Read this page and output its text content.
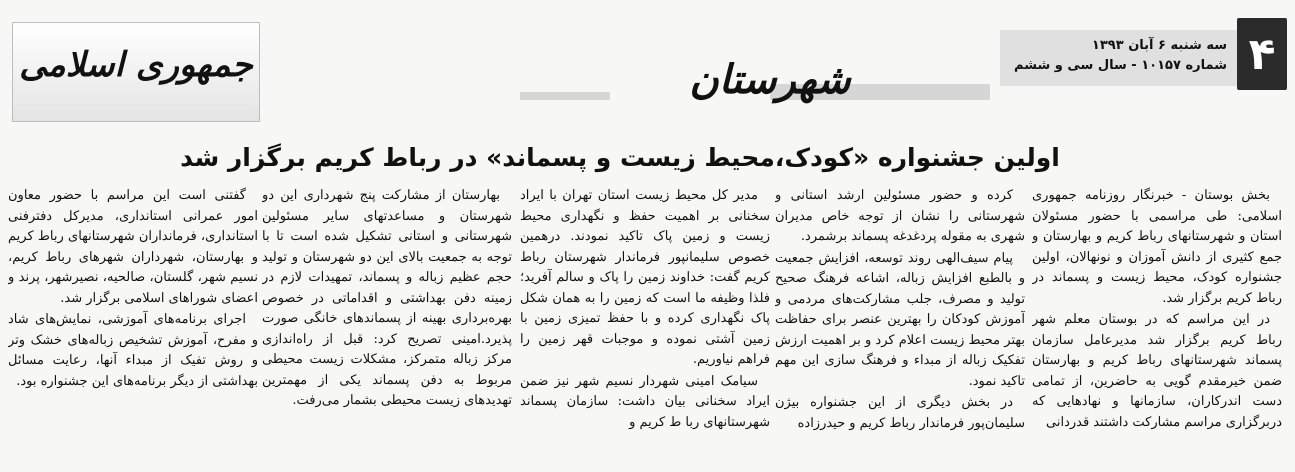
۴
سه شنبه ۶ آبان ۱۳۹۳
شماره ۱۰۱۵۷ - سال سی و ششم
شهرستان
جمهوری اسلامی
اولین جشنواره «کودک،محیط زیست و پسماند» در رباط کریم برگزار شد

بخش بوستان - خبرنگار روزنامه جمهوری اسلامی: طی مراسمی با حضور مسئولان استان و شهرستانهای رباط کریم و بهارستان و جمع کثیری از دانش آموزان و نونهالان، اولین جشنواره کودک، محیط زیست و پسماند در رباط کریم برگزار شد.

در این مراسم که در بوستان معلم شهر رباط کریم برگزار شد مدیرعامل سازمان پسماند شهرستانهای رباط کریم و بهارستان ضمن خیرمقدم گویی به حاضرین، از تمامی دست اندرکاران، سازمانها و نهادهایی که دربرگزاری مراسم مشارکت داشتند قدردانی

کرده و حضور مسئولین ارشد استانی و شهرستانی را نشان از توجه خاص مدیران شهری به مقوله پردغدغه پسماند برشمرد.

پیام سیف‌الهی روند توسعه، افزایش جمعیت و بالطبع افزایش زباله، اشاعه فرهنگ صحیح تولید و مصرف، جلب مشارکت‌های مردمی و آموزش کودکان را بهترین عنصر برای حفاظت بهتر محیط زیست اعلام کرد و بر اهمیت ارزش تفکیک زباله از مبداء و فرهنگ سازی این مهم تاکید نمود.

در بخش دیگری از این جشنواره بیژن سلیمان‌پور فرماندار رباط کریم و حیدرزاده

مدیر کل محیط زیست استان تهران با ایراد سخنانی بر اهمیت حفظ و نگهداری محیط زیست و زمین پاک تاکید نمودند. درهمین خصوص سلیمانپور فرماندار شهرستان رباط کریم گفت: خداوند زمین را پاک و سالم آفرید؛ فلذا وظیفه ما است که زمین را به همان شکل پاک نگهداری کرده و با حفظ تمیزی زمین با زمین آشتی نموده و موجبات قهر زمین را فراهم نیاوریم.

سیامک امینی شهردار نسیم شهر نیز ضمن ایراد سخنانی بیان داشت: سازمان پسماند شهرستانهای ربا ط کریم و

بهارستان از مشارکت پنج شهرداری این دو شهرستان و مساعدتهای سایر مسئولین شهرستانی و استانی تشکیل شده است تا با توجه به جمعیت بالای این دو شهرستان و تولید حجم عظیم زباله و پسماند، تمهیدات لازم در زمینه دفن بهداشتی و اقداماتی در خصوص بهره‌برداری بهینه از پسماندهای خانگی صورت پذیرد.امینی تصریح کرد: قبل از راه‌اندازی مرکز زباله متمرکز، مشکلات زیست محیطی مربوط به دفن پسماند یکی از مهمترین تهدیدهای زیست محیطی بشمار می‌رفت.

گفتنی است این مراسم با حضور معاون امور عمرانی استانداری، مدیرکل دفترفنی استانداری، فرمانداران شهرستانهای رباط کریم و بهارستان، شهرداران شهرهای رباط کریم، نسیم شهر، گلستان، صالحیه، نصیرشهر، پرند و اعضای شوراهای اسلامی برگزار شد.

اجرای برنامه‌های آموزشی، نمایش‌های شاد و مفرح، آموزش تشخیص زباله‌های خشک وتر و روش تفیک از مبداء آنها، رعایت مسائل بهداشتی از دیگر برنامه‌های این جشنواره بود.
